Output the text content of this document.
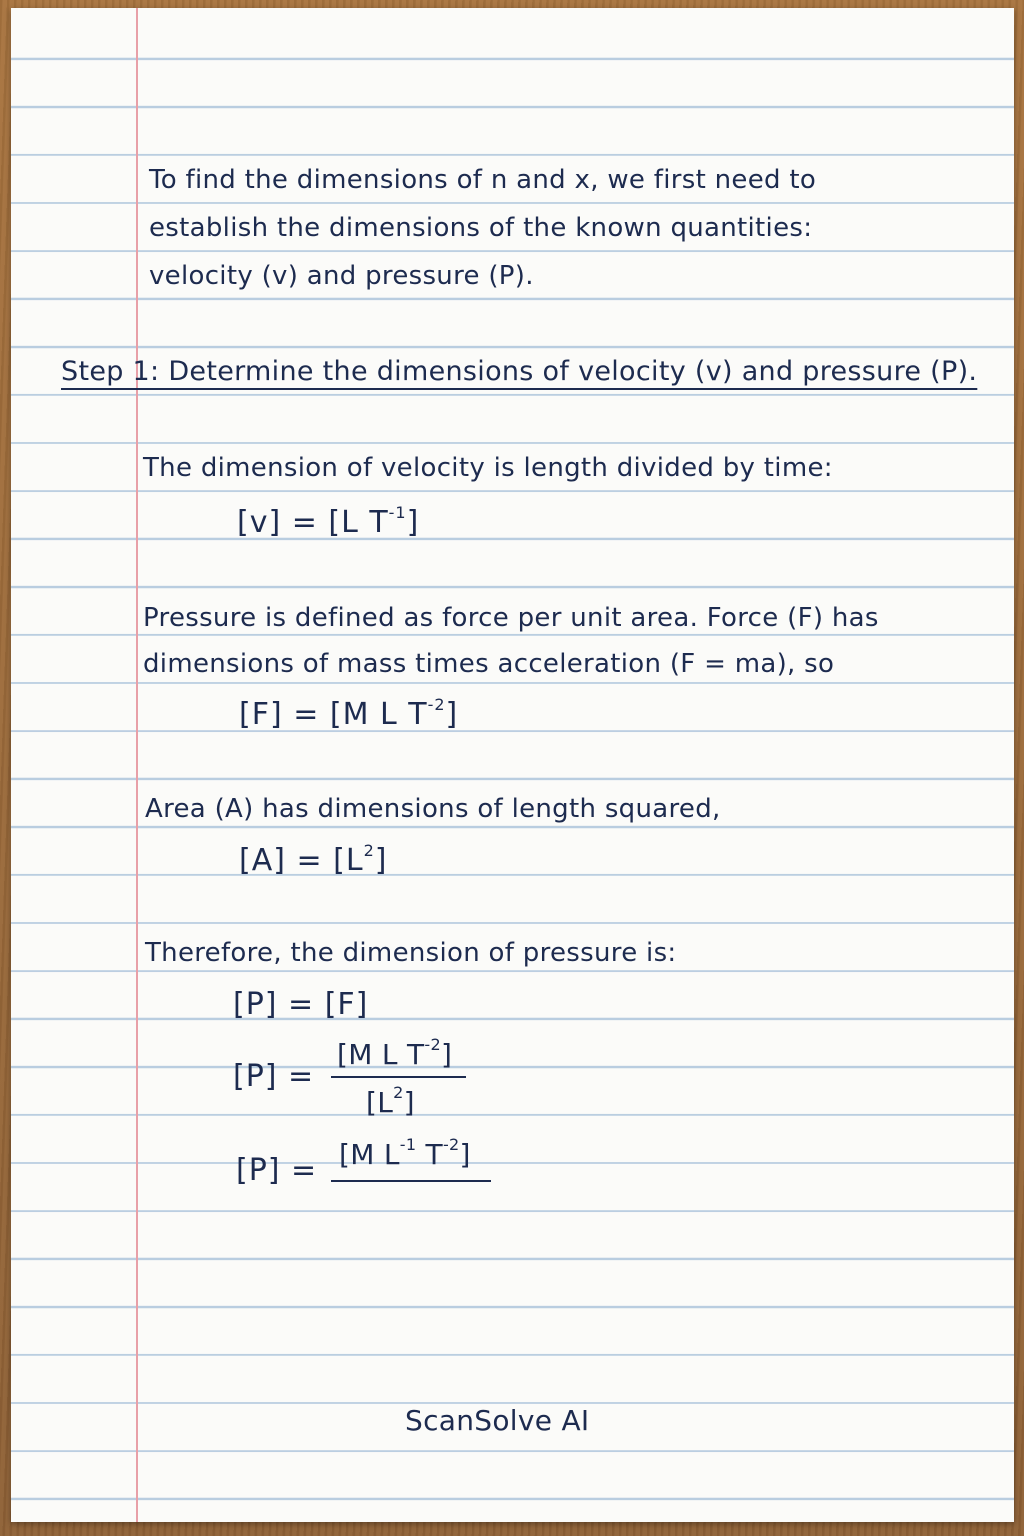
To find the dimensions of n and x, we first need to
establish the dimensions of the known quantities:
velocity (v) and pressure (P).
Step 1: Determine the dimensions of velocity (v) and pressure (P).
The dimension of velocity is length divided by time:
[v] = [L $T^{-1}$]
Pressure is defined as force per unit area. Force (F) has
dimensions of mass times acceleration (F = ma), so
[F] = [M L $T^{-2}$]
Area (A) has dimensions of length squared,
$[A] = [L^2]$
Therefore, the dimension of pressure is:
[P] = [F]
[P] =
[M L $T^{-2}$]
$[L^2]$
[P] = [M $L^{-1}$ $T^{-2}$]
ScanSolve AI
